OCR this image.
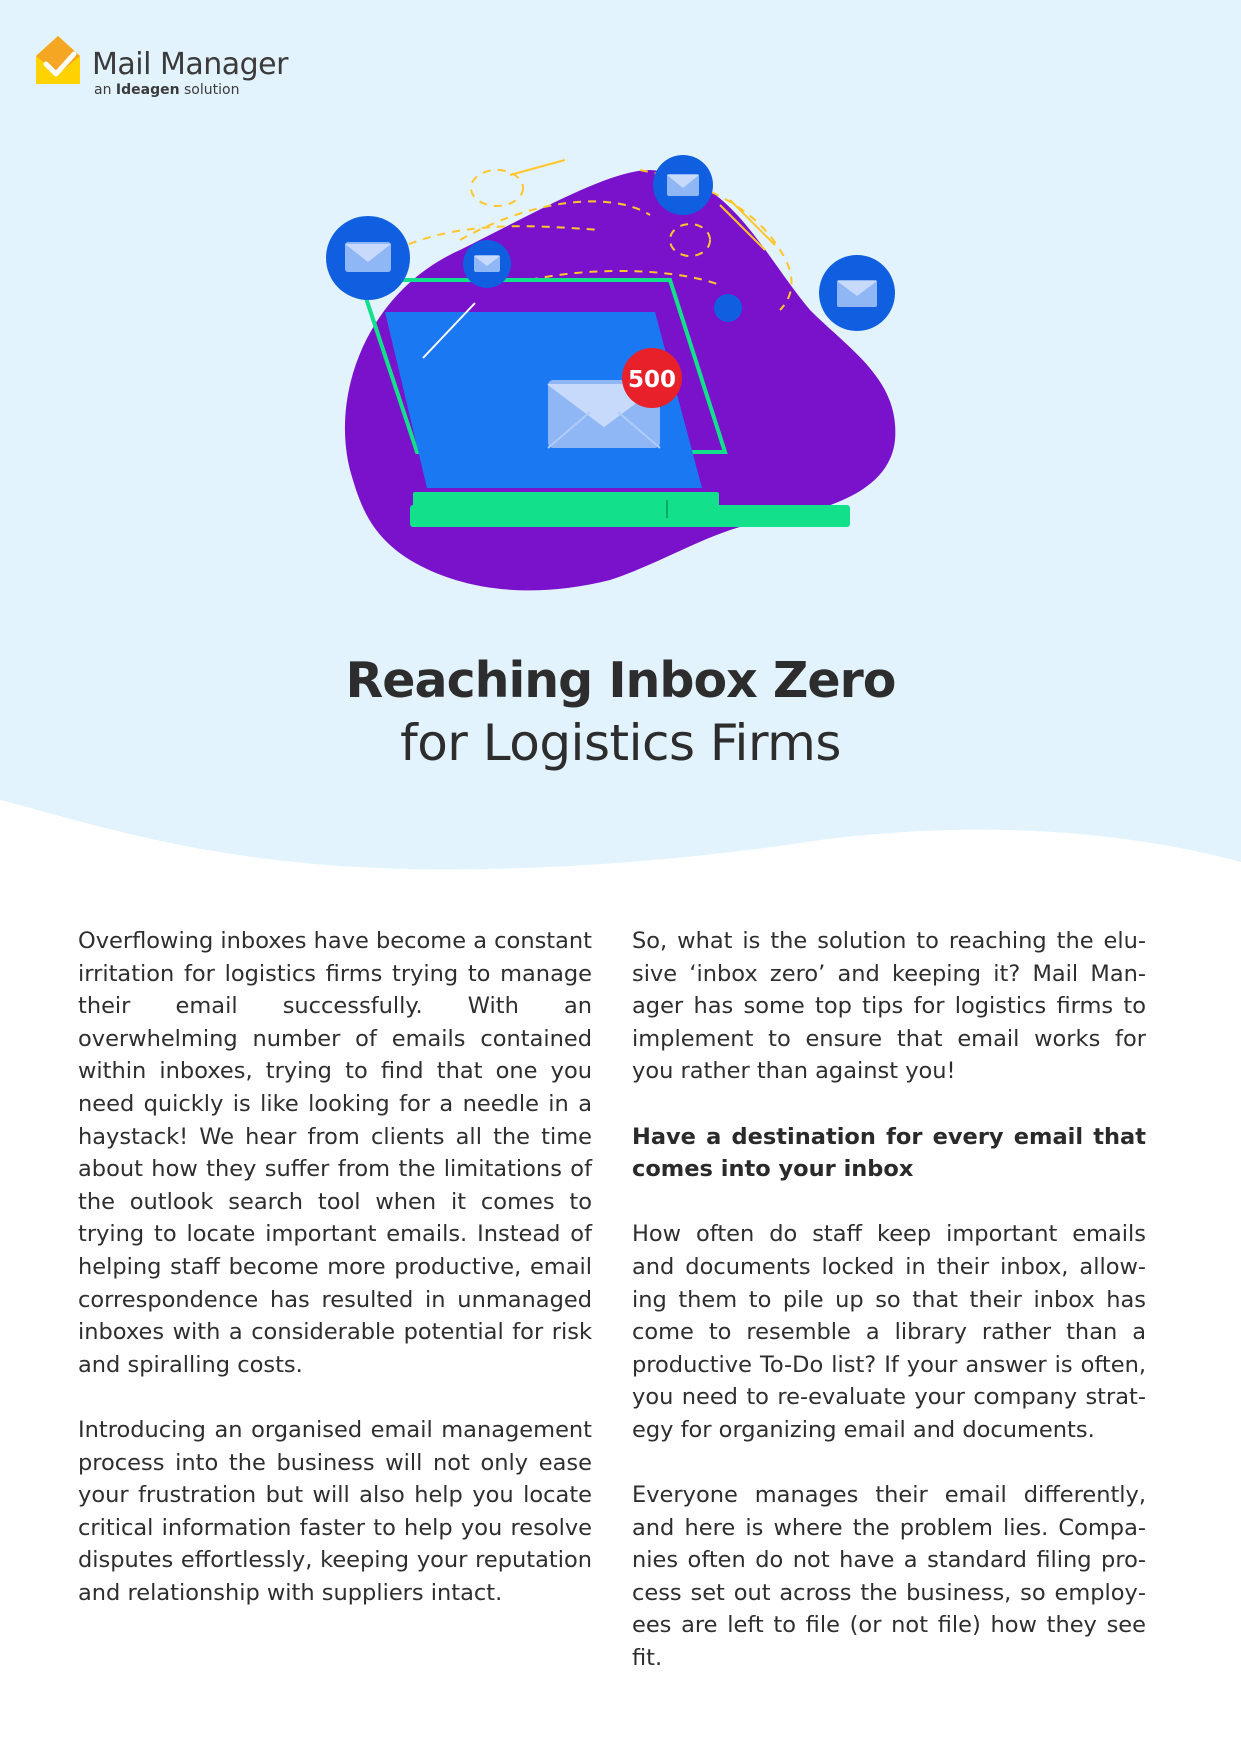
Mail Manager
an Ideagen solution
500
Reaching Inbox Zero
for Logistics Firms

Overflowing inboxes have become a constant irritation for logistics firms trying to manage their email successfully. With an overwhelming number of emails contained within inboxes, trying to find that one you need quickly is like looking for a needle in a haystack! We hear from clients all the time about how they suffer from the limitations of the outlook search tool when it comes to trying to locate important emails. Instead of helping staff become more productive, email correspondence has resulted in unmanaged inboxes with a considerable potential for risk and spiralling costs.

Introducing an organised email management process into the business will not only ease your frustration but will also help you locate critical information faster to help you resolve disputes effortlessly, keeping your reputation and relationship with suppliers intact.

So, what is the solution to reaching the elusive ‘inbox zero’ and keeping it? Mail Manager has some top tips for logistics firms to implement to ensure that email works for you rather than against you!

Have a destination for every email that comes into your inbox

How often do staff keep important emails and documents locked in their inbox, allowing them to pile up so that their inbox has come to resemble a library rather than a productive To-Do list? If your answer is often, you need to re-evaluate your company strategy for organizing email and documents.

Everyone manages their email differently, and here is where the problem lies. Companies often do not have a standard filing process set out across the business, so employees are left to file (or not file) how they see fit.
